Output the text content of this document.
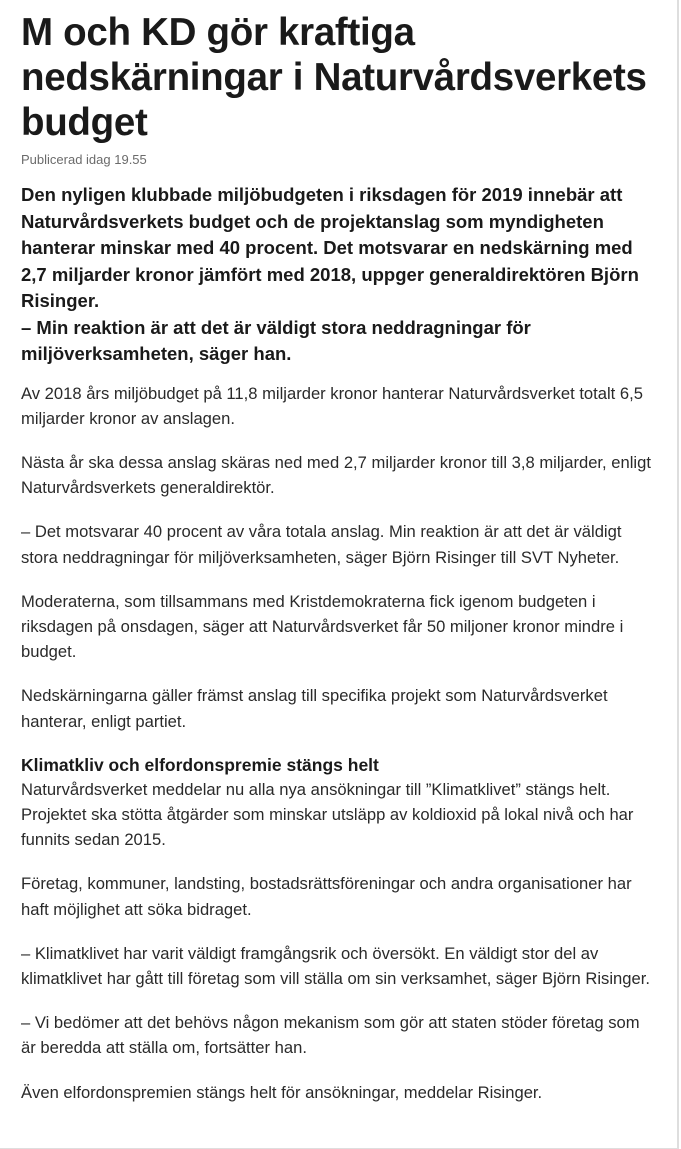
M och KD gör kraftiga nedskärningar i Naturvårdsverkets budget
Publicerad idag 19.55

Den nyligen klubbade miljöbudgeten i riksdagen för 2019 innebär att Naturvårdsverkets budget och de projektanslag som myndigheten hanterar minskar med 40 procent. Det motsvarar en nedskärning med 2,7 miljarder kronor jämfört med 2018, uppger generaldirektören Björn Risinger.

– Min reaktion är att det är väldigt stora neddragningar för miljöverksamheten, säger han.

Av 2018 års miljöbudget på 11,8 miljarder kronor hanterar Naturvårdsverket totalt 6,5 miljarder kronor av anslagen.

Nästa år ska dessa anslag skäras ned med 2,7 miljarder kronor till 3,8 miljarder, enligt Naturvårdsverkets generaldirektör.

– Det motsvarar 40 procent av våra totala anslag. Min reaktion är att det är väldigt stora neddragningar för miljöverksamheten, säger Björn Risinger till SVT Nyheter.

Moderaterna, som tillsammans med Kristdemokraterna fick igenom budgeten i riksdagen på onsdagen, säger att Naturvårdsverket får 50 miljoner kronor mindre i budget.

Nedskärningarna gäller främst anslag till specifika projekt som Naturvårdsverket hanterar, enligt partiet.

Klimatkliv och elfordonspremie stängs helt

Naturvårdsverket meddelar nu alla nya ansökningar till ”Klimatklivet” stängs helt. Projektet ska stötta åtgärder som minskar utsläpp av koldioxid på lokal nivå och har funnits sedan 2015.

Företag, kommuner, landsting, bostadsrättsföreningar och andra organisationer har haft möjlighet att söka bidraget.

– Klimatklivet har varit väldigt framgångsrik och översökt. En väldigt stor del av klimatklivet har gått till företag som vill ställa om sin verksamhet, säger Björn Risinger.

– Vi bedömer att det behövs någon mekanism som gör att staten stöder företag som är beredda att ställa om, fortsätter han.

Även elfordonspremien stängs helt för ansökningar, meddelar Risinger.
